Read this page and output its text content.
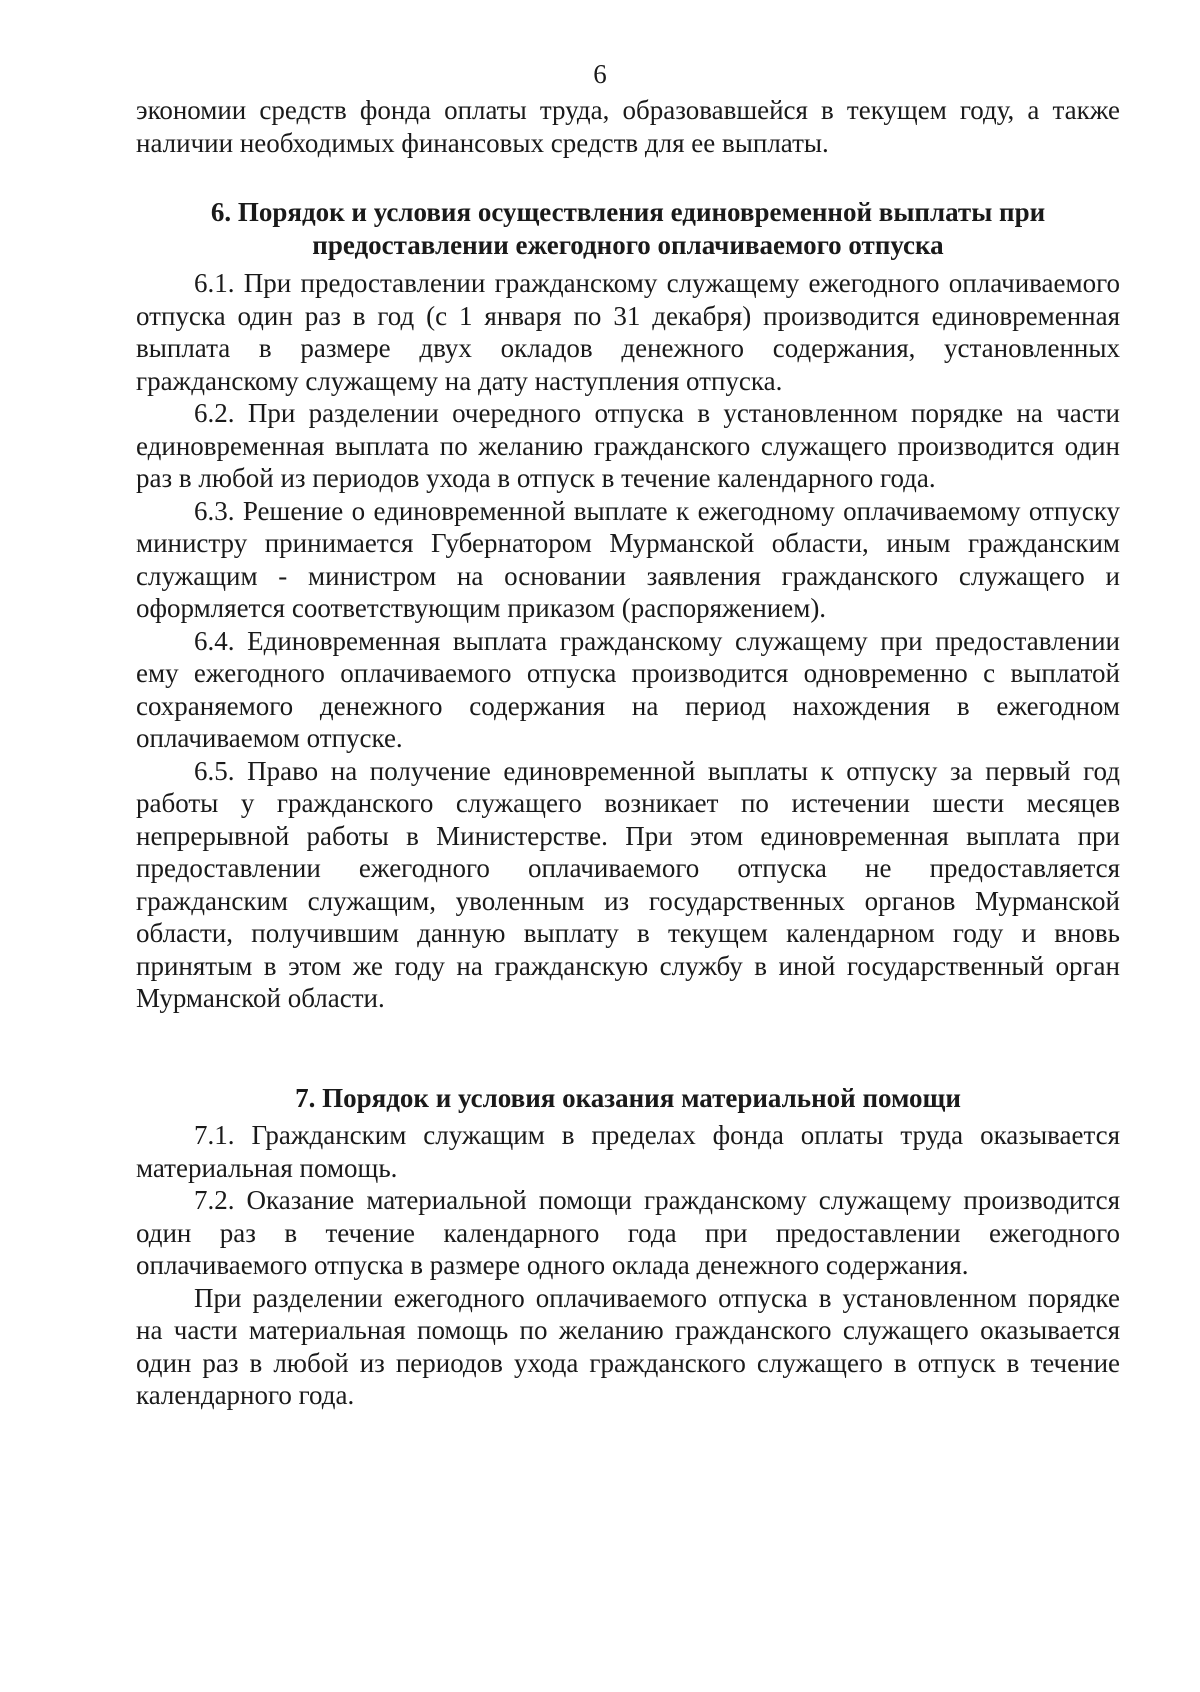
6

экономии средств фонда оплаты труда, образовавшейся в текущем году, а также наличии необходимых финансовых средств для ее выплаты.

6. Порядок и условия осуществления единовременной выплаты при

предоставлении ежегодного оплачиваемого отпуска

6.1. При предоставлении гражданскому служащему ежегодного оплачиваемого отпуска один раз в год (с 1 января по 31 декабря) производится единовременная выплата в размере двух окладов денежного содержания, установленных гражданскому служащему на дату наступления отпуска.

6.2. При разделении очередного отпуска в установленном порядке на части единовременная выплата по желанию гражданского служащего производится один раз в любой из периодов ухода в отпуск в течение календарного года.

6.3. Решение о единовременной выплате к ежегодному оплачиваемому отпуску министру принимается Губернатором Мурманской области, иным гражданским служащим - министром на основании заявления гражданского служащего и оформляется соответствующим приказом (распоряжением).

6.4. Единовременная выплата гражданскому служащему при предоставлении ему ежегодного оплачиваемого отпуска производится одновременно с выплатой сохраняемого денежного содержания на период нахождения в ежегодном оплачиваемом отпуске.

6.5. Право на получение единовременной выплаты к отпуску за первый год работы у гражданского служащего возникает по истечении шести месяцев непрерывной работы в Министерстве. При этом единовременная выплата при предоставлении ежегодного оплачиваемого отпуска не предоставляется гражданским служащим, уволенным из государственных органов Мурманской области, получившим данную выплату в текущем календарном году и вновь принятым в этом же году на гражданскую службу в иной государственный орган Мурманской области.

7. Порядок и условия оказания материальной помощи

7.1. Гражданским служащим в пределах фонда оплаты труда оказывается материальная помощь.

7.2. Оказание материальной помощи гражданскому служащему производится один раз в течение календарного года при предоставлении ежегодного оплачиваемого отпуска в размере одного оклада денежного содержания.

При разделении ежегодного оплачиваемого отпуска в установленном порядке на части материальная помощь по желанию гражданского служащего оказывается один раз в любой из периодов ухода гражданского служащего в отпуск в течение календарного года.
